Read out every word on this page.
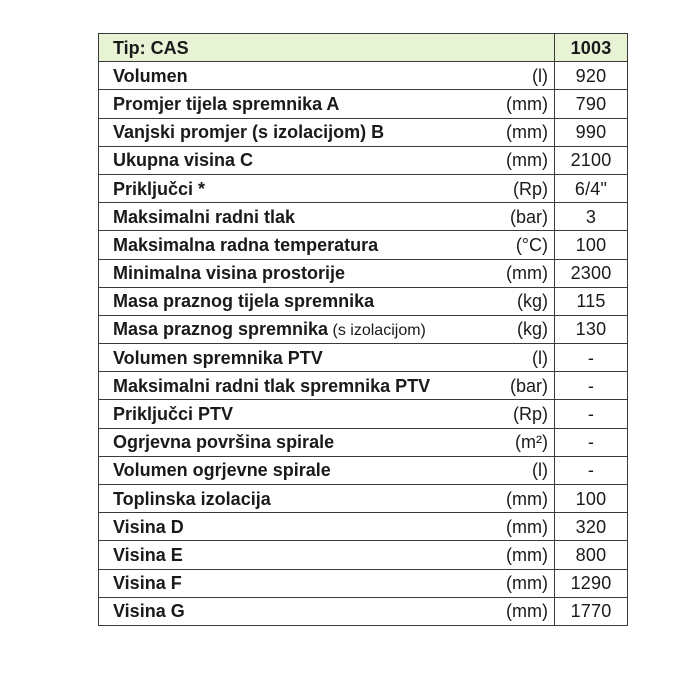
Tip: CAS	1003

Volumen (l)	920

Promjer tijela spremnika A (mm)	790

Vanjski promjer (s izolacijom) B (mm)	990

Ukupna visina C (mm)	2100

Priključci * (Rp)	6/4"

Maksimalni radni tlak (bar)	3

Maksimalna radna temperatura (°C)	100

Minimalna visina prostorije (mm)	2300

Masa praznog tijela spremnika (kg)	115

Masa praznog spremnika (s izolacijom) (kg)	130

Volumen spremnika PTV (l)	-

Maksimalni radni tlak spremnika PTV (bar)	-

Priključci PTV (Rp)	-

Ogrjevna površina spirale (m²)	-

Volumen ogrjevne spirale (l)	-

Toplinska izolacija (mm)	100

Visina D (mm)	320

Visina E (mm)	800

Visina F (mm)	1290

Visina G (mm)	1770
